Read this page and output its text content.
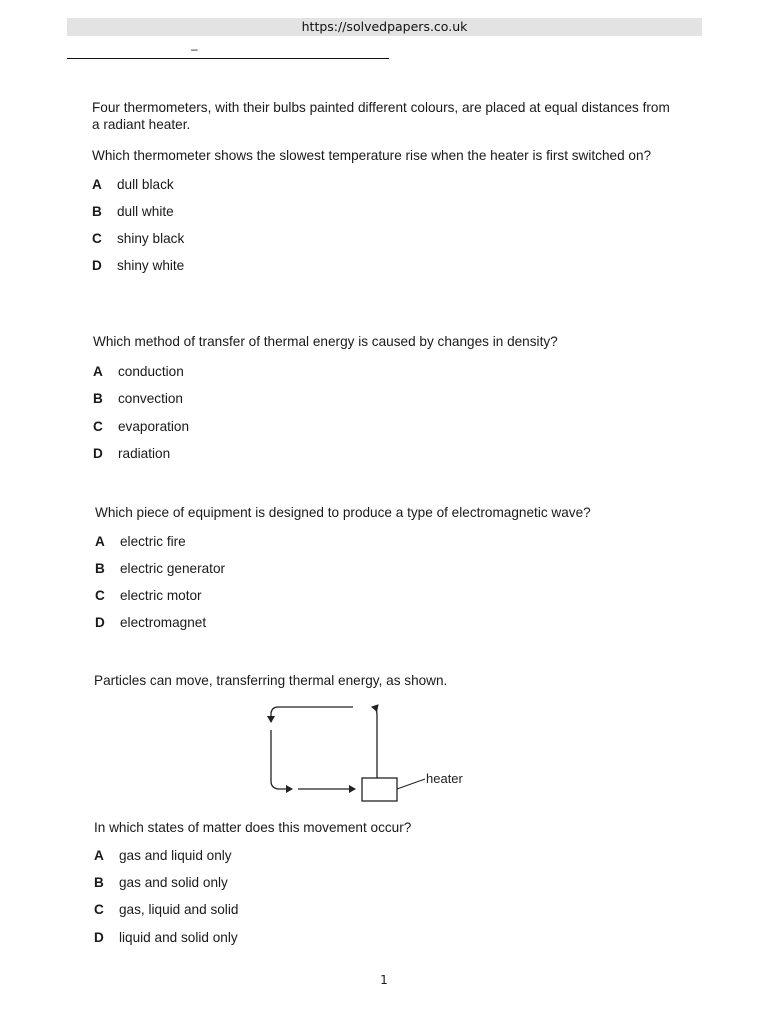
https://solvedpapers.co.uk
–
Four thermometers, with their bulbs painted different colours, are placed at equal distances from
a radiant heater.
Which thermometer shows the slowest temperature rise when the heater is first switched on?
A dull black
B dull white
C shiny black
D shiny white
Which method of transfer of thermal energy is caused by changes in density?
A conduction
B convection
C evaporation
D radiation
Which piece of equipment is designed to produce a type of electromagnetic wave?
A electric fire
B electric generator
C electric motor
D electromagnet
Particles can move, transferring thermal energy, as shown.
heater
In which states of matter does this movement occur?
A gas and liquid only
B gas and solid only
C gas, liquid and solid
D liquid and solid only
1
